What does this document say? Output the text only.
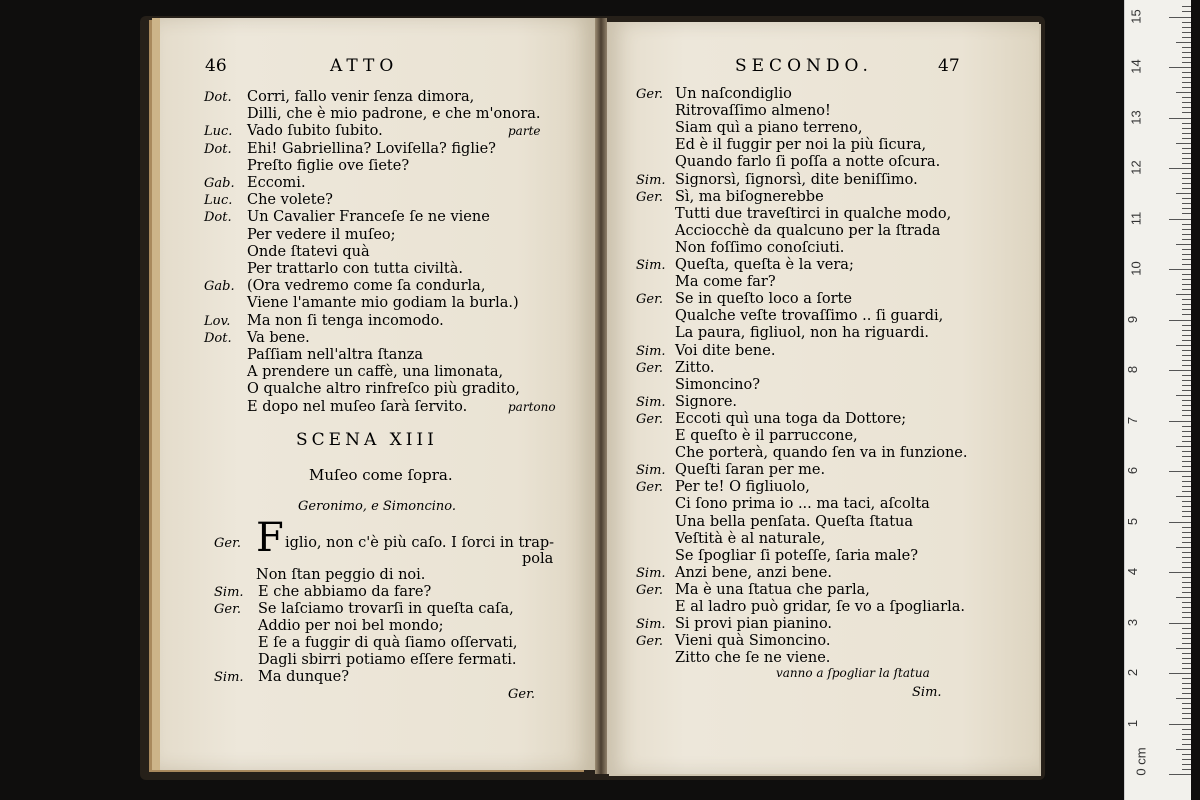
46	ATTO
Dot. Corri, fallo venir ſenza dimora,
Dilli, che è mio padrone, e che m'onora.
Luc. Vado ſubito ſubito.	parte
Dot. Ehi! Gabriellina? Loviſella? figlie?
Preſto figlie ove ſiete?
Gab. Eccomi.
Luc. Che volete?
Dot. Un Cavalier Franceſe ſe ne viene
Per vedere il muſeo;
Onde ſtatevi quà
Per trattarlo con tutta civiltà.
Gab. (Ora vedremo come ſa condurla,
Viene l'amante mio godiam la burla.)
Lov. Ma non ſi tenga incomodo.
Dot. Va bene.
Paſſiam nell'altra ſtanza
A prendere un caffè, una limonata,
O qualche altro rinfreſco più gradito,
E dopo nel muſeo ſarà ſervito.	partono
SCENA XIII
Muſeo come ſopra.
Geronimo, e Simoncino.
F
Ger.	iglio, non c'è più caſo. I ſorci in trap-
pola
Non ſtan peggio di noi.
Sim. E che abbiamo da fare?
Ger. Se laſciamo trovarſi in queſta caſa,
Addio per noi bel mondo;
E ſe a fuggir di quà ſiamo oſſervati,
Dagli sbirri potiamo eſſere fermati.
Sim. Ma dunque?
Ger.
SECONDO.	47
Ger. Un naſcondiglio
Ritrovaſſimo almeno!
Siam quì a piano terreno,
Ed è il fuggir per noi la più ſicura,
Quando farlo ſi poſſa a notte oſcura.
Sim. Signorsì, ſignorsì, dite beniſſimo.
Ger. Sì, ma biſognerebbe
Tutti due traveſtirci in qualche modo,
Acciocchè da qualcuno per la ſtrada
Non foſſimo conoſciuti.
Sim. Queſta, queſta è la vera;
Ma come far?
Ger. Se in queſto loco a ſorte
Qualche veſte trovaſſimo .. ſi guardi,
La paura, figliuol, non ha riguardi.
Sim. Voi dite bene.
Ger. Zitto.
Simoncino?
Sim. Signore.
Ger. Eccoti quì una toga da Dottore;
E queſto è il parruccone,
Che porterà, quando ſen va in funzione.
Sim. Queſti ſaran per me.
Ger. Per te! O figliuolo,
Ci ſono prima io ... ma taci, aſcolta
Una bella penſata. Queſta ſtatua
Veſtità è al naturale,
Se ſpogliar ſi poteſſe, ſaria male?
Sim. Anzi bene, anzi bene.
Ger. Ma è una ſtatua che parla,
E al ladro può gridar, ſe vo a ſpogliarla.
Sim. Si provi pian pianino.
Ger. Vieni quà Simoncino.
Zitto che ſe ne viene.
vanno a ſpogliar la ſtatua
Sim.
0 cm
1
2
3
4
5
6
7
8
9
10
11
12
13
14
15
